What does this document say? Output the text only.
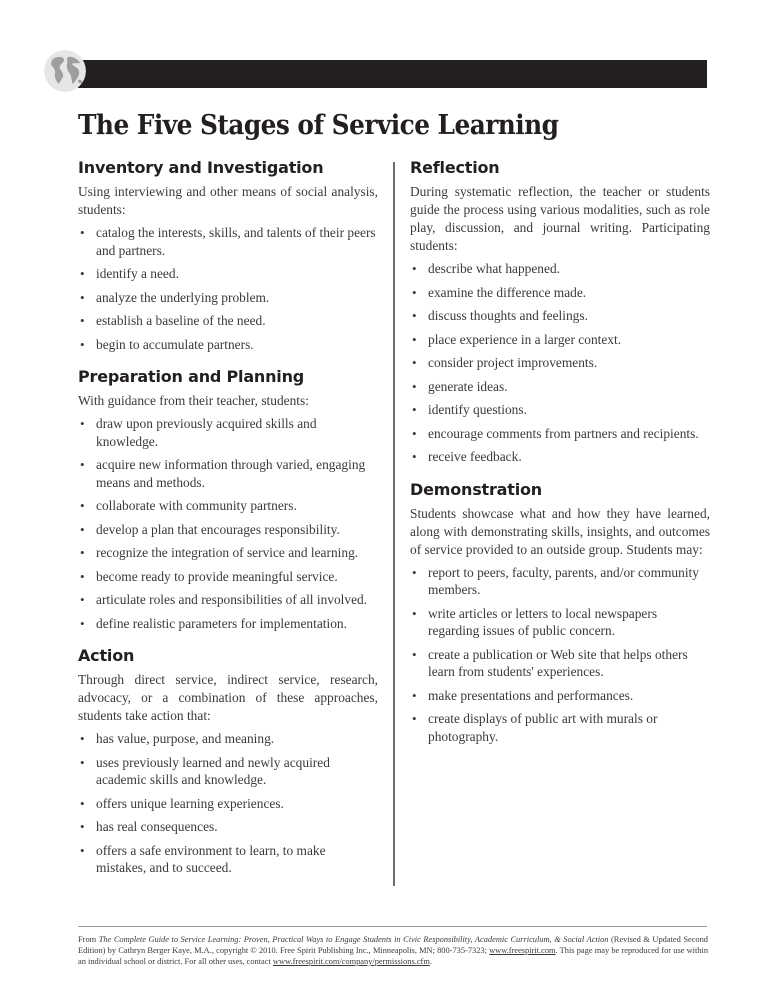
The Five Stages of Service Learning
Inventory and Investigation

Using interviewing and other means of social analysis, students:

• catalog the interests, skills, and talents of their peers and partners.
• identify a need.
• analyze the underlying problem.
• establish a baseline of the need.
• begin to accumulate partners.
Preparation and Planning

With guidance from their teacher, students:

• draw upon previously acquired skills and knowledge.
• acquire new information through varied, engaging means and methods.
• collaborate with community partners.
• develop a plan that encourages responsibility.
• recognize the integration of service and learning.
• become ready to provide meaningful service.
• articulate roles and responsibilities of all involved.
• define realistic parameters for implementation.
Action

Through direct service, indirect service, research, advocacy, or a combination of these approaches, students take action that:

• has value, purpose, and meaning.
• uses previously learned and newly acquired academic skills and knowledge.
• offers unique learning experiences.
• has real consequences.
• offers a safe environment to learn, to make mistakes, and to succeed.
Reflection

During systematic reflection, the teacher or students guide the process using various modalities, such as role play, discussion, and journal writing. Participating students:

• describe what happened.
• examine the difference made.
• discuss thoughts and feelings.
• place experience in a larger context.
• consider project improvements.
• generate ideas.
• identify questions.
• encourage comments from partners and recipients.
• receive feedback.
Demonstration

Students showcase what and how they have learned, along with demonstrating skills, insights, and outcomes of service provided to an outside group. Students may:

• report to peers, faculty, parents, and/or community members.
• write articles or letters to local newspapers regarding issues of public concern.
• create a publication or Web site that helps others learn from students' experiences.
• make presentations and performances.
• create displays of public art with murals or photography.

From The Complete Guide to Service Learning: Proven, Practical Ways to Engage Students in Civic Responsibility, Academic Curriculum, & Social Action (Revised & Updated Second Edition) by Cathryn Berger Kaye, M.A., copyright © 2010. Free Spirit Publishing Inc., Minneapolis, MN; 800-735-7323; www.freespirit.com. This page may be reproduced for use within an individual school or district. For all other uses, contact www.freespirit.com/company/permissions.cfm.
